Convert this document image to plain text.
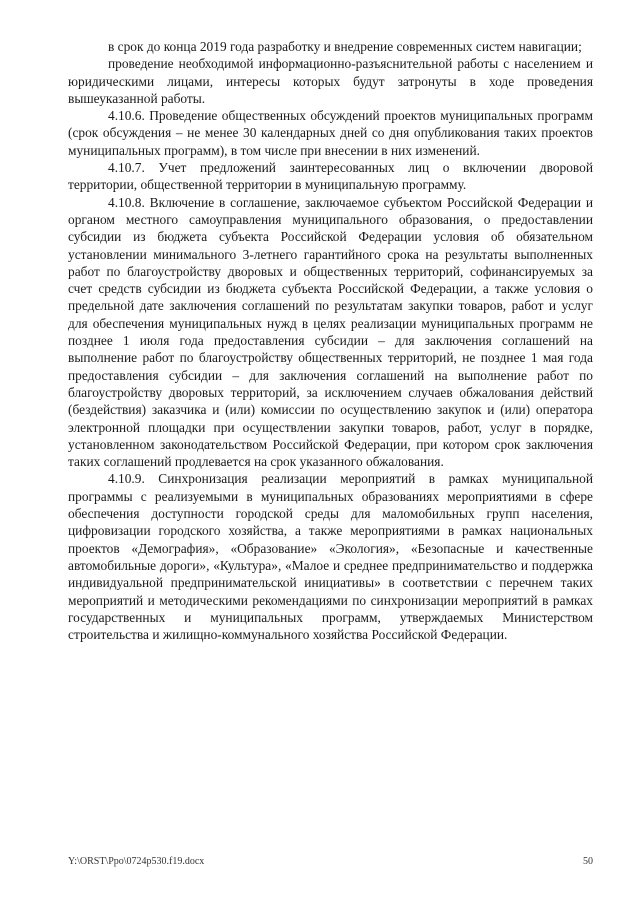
в срок до конца 2019 года разработку и внедрение современных систем навигации;

проведение необходимой информационно-разъяснительной работы с населением и юридическими лицами, интересы которых будут затронуты в ходе проведения вышеуказанной работы.

4.10.6. Проведение общественных обсуждений проектов муниципальных программ (срок обсуждения – не менее 30 календарных дней со дня опубликования таких проектов муниципальных программ), в том числе при внесении в них изменений.

4.10.7. Учет предложений заинтересованных лиц о включении дворовой территории, общественной территории в муниципальную программу.

4.10.8. Включение в соглашение, заключаемое субъектом Российской Федерации и органом местного самоуправления муниципального образования, о предоставлении субсидии из бюджета субъекта Российской Федерации условия об обязательном установлении минимального 3-летнего гарантийного срока на результаты выполненных работ по благоустройству дворовых и общественных территорий, софинансируемых за счет средств субсидии из бюджета субъекта Российской Федерации, а также условия о предельной дате заключения соглашений по результатам закупки товаров, работ и услуг для обеспечения муниципальных нужд в целях реализации муниципальных программ не позднее 1 июля года предоставления субсидии – для заключения соглашений на выполнение работ по благоустройству общественных территорий, не позднее 1 мая года предоставления субсидии – для заключения соглашений на выполнение работ по благоустройству дворовых территорий, за исключением случаев обжалования действий (бездействия) заказчика и (или) комиссии по осуществлению закупок и (или) оператора электронной площадки при осуществлении закупки товаров, работ, услуг в порядке, установленном законодательством Российской Федерации, при котором срок заключения таких соглашений продлевается на срок указанного обжалования.

4.10.9. Синхронизация реализации мероприятий в рамках муниципальной программы с реализуемыми в муниципальных образованиях мероприятиями в сфере обеспечения доступности городской среды для маломобильных групп населения, цифровизации городского хозяйства, а также мероприятиями в рамках национальных проектов «Демография», «Образование» «Экология», «Безопасные и качественные автомобильные дороги», «Культура», «Малое и среднее предпринимательство и поддержка индивидуальной предпринимательской инициативы» в соответствии с перечнем таких мероприятий и методическими рекомендациями по синхронизации мероприятий в рамках государственных и муниципальных программ, утверждаемых Министерством строительства и жилищно-коммунального хозяйства Российской Федерации.

Y:\ORST\Ppo\0724p530.f19.docx	50
